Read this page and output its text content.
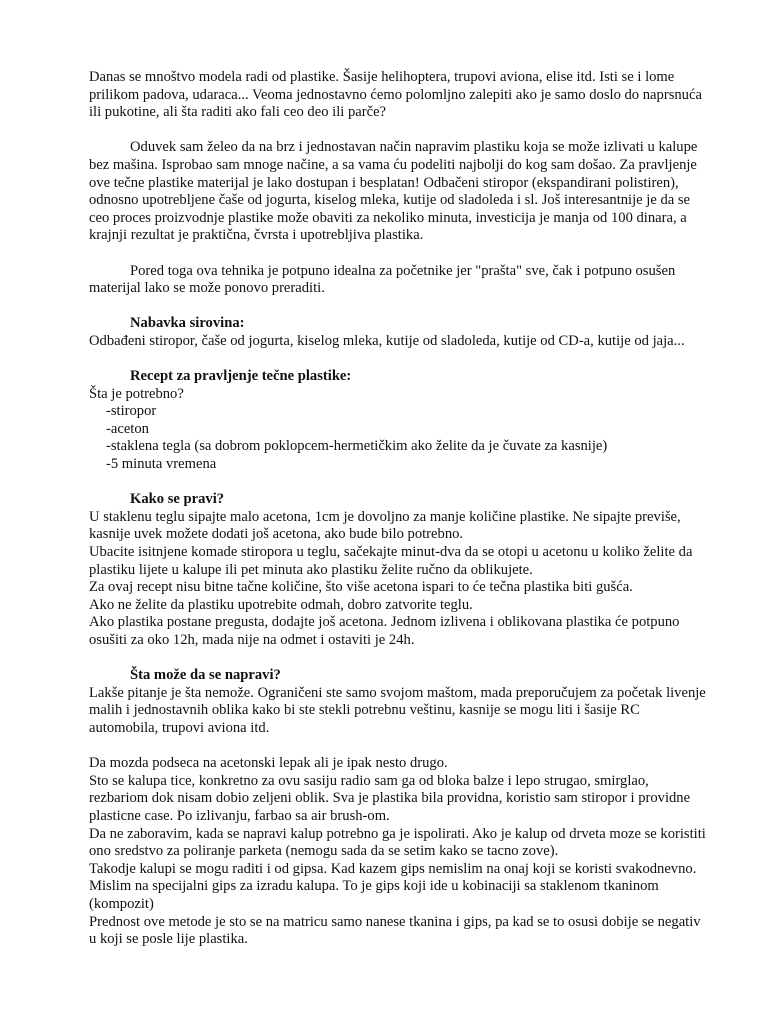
Danas se mnoštvo modela radi od plastike. Šasije helihoptera, trupovi aviona, elise itd. Isti se i lome prilikom padova, udaraca... Veoma jednostavno ćemo polomljno zalepiti ako je samo doslo do naprsnuća ili pukotine, ali šta raditi ako fali ceo deo ili parče?

Oduvek sam želeo da na brz i jednostavan način napravim plastiku koja se može izlivati u kalupe bez mašina. Isprobao sam mnoge načine, a sa vama ću podeliti najbolji do kog sam došao. Za pravljenje ove tečne plastike materijal je lako dostupan i besplatan! Odbačeni stiropor (ekspandirani polistiren), odnosno upotrebljene čaše od jogurta, kiselog mleka, kutije od sladoleda i sl. Još interesantnije je da se ceo proces proizvodnje plastike može obaviti za nekoliko minuta, investicija je manja od 100 dinara, a krajnji rezultat je praktična, čvrsta i upotrebljiva plastika.

Pored toga ova tehnika je potpuno idealna za početnike jer "prašta" sve, čak i potpuno osušen materijal lako se može ponovo preraditi.

Nabavka sirovina:

Odbađeni stiropor, čaše od jogurta, kiselog mleka, kutije od sladoleda, kutije od CD-a, kutije od jaja...

Recept za pravljenje tečne plastike:

Šta je potrebno?

-stiropor

-aceton

-staklena tegla (sa dobrom poklopcem-hermetičkim ako želite da je čuvate za kasnije)

-5 minuta vremena

Kako se pravi?

U staklenu teglu sipajte malo acetona, 1cm je dovoljno za manje količine plastike. Ne sipajte previše, kasnije uvek možete dodati još acetona, ako bude bilo potrebno.

Ubacite isitnjene komade stiropora u teglu, sačekajte minut-dva da se otopi u acetonu u koliko želite da plastiku lijete u kalupe ili pet minuta ako plastiku želite ručno da oblikujete.

Za ovaj recept nisu bitne tačne količine, što više acetona ispari to će tečna plastika biti gušća.

Ako ne želite da plastiku upotrebite odmah, dobro zatvorite teglu.

Ako plastika postane pregusta, dodajte još acetona. Jednom izlivena i oblikovana plastika će potpuno osušiti za oko 12h, mada nije na odmet i ostaviti je 24h.

Šta može da se napravi?

Lakše pitanje je šta nemože. Ograničeni ste samo svojom maštom, mada preporučujem za početak livenje malih i jednostavnih oblika kako bi ste stekli potrebnu veštinu, kasnije se mogu liti i šasije RC automobila, trupovi aviona itd.

Da mozda podseca na acetonski lepak ali je ipak nesto drugo.

Sto se kalupa tice, konkretno za ovu sasiju radio sam ga od bloka balze i lepo strugao, smirglao, rezbariom dok nisam dobio zeljeni oblik. Sva je plastika bila providna, koristio sam stiropor i providne plasticne case. Po izlivanju, farbao sa air brush-om.

Da ne zaboravim, kada se napravi kalup potrebno ga je ispolirati. Ako je kalup od drveta moze se koristiti ono sredstvo za poliranje parketa (nemogu sada da se setim kako se tacno zove).

Takodje kalupi se mogu raditi i od gipsa. Kad kazem gips nemislim na onaj koji se koristi svakodnevno. Mislim na specijalni gips za izradu kalupa. To je gips koji ide u kobinaciji sa staklenom tkaninom (kompozit)

Prednost ove metode je sto se na matricu samo nanese tkanina i gips, pa kad se to osusi dobije se negativ u koji se posle lije plastika.
